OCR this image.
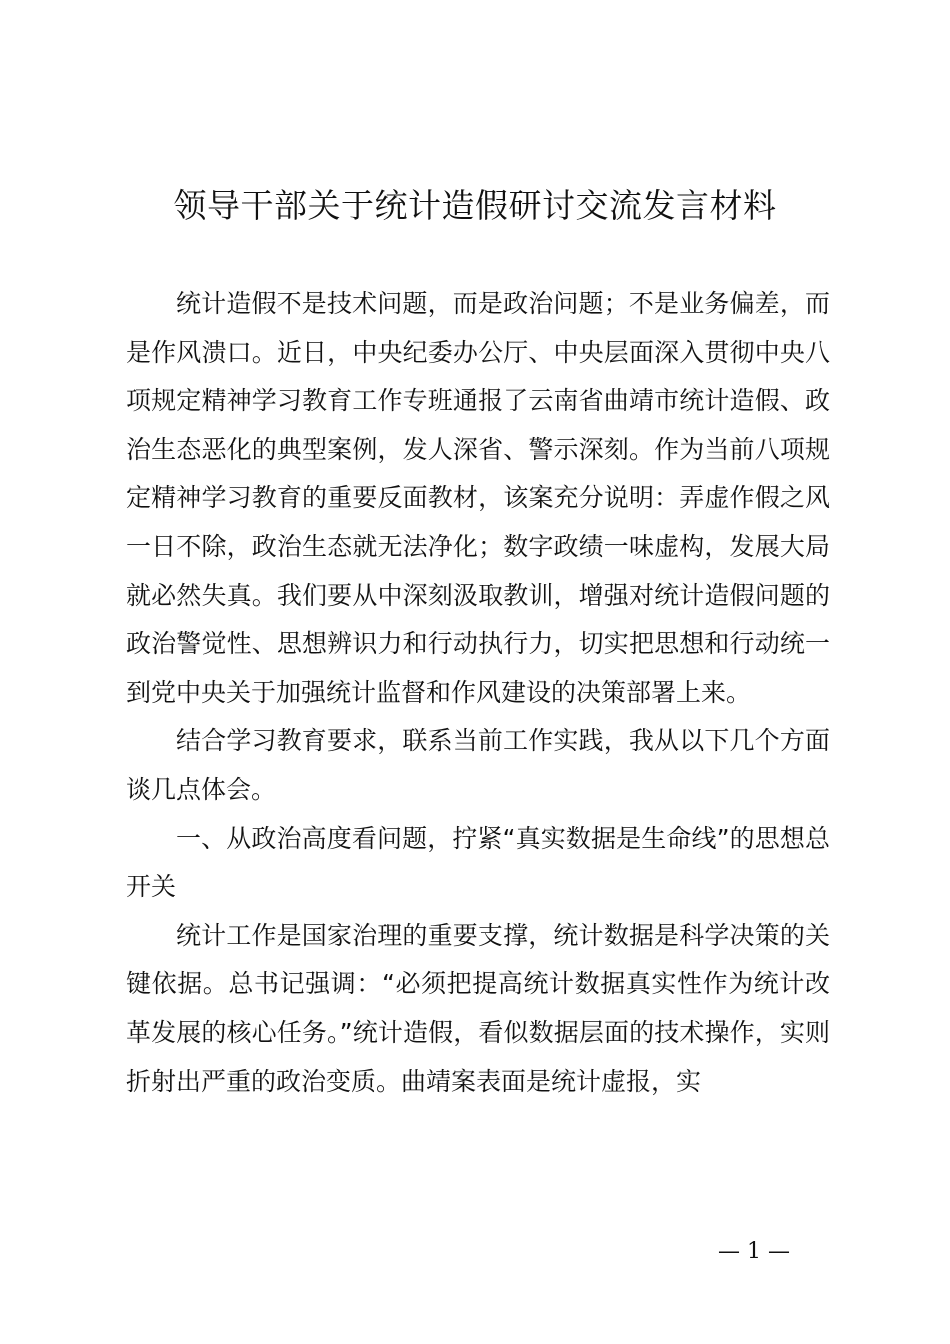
领导干部关于统计造假研讨交流发言材料

统计造假不是技术问题，而是政治问题；不是业务偏差，而是作风溃口。近日，中央纪委办公厅、中央层面深入贯彻中央八项规定精神学习教育工作专班通报了云南省曲靖市统计造假、政治生态恶化的典型案例，发人深省、警示深刻。作为当前八项规定精神学习教育的重要反面教材，该案充分说明：弄虚作假之风一日不除，政治生态就无法净化；数字政绩一味虚构，发展大局就必然失真。我们要从中深刻汲取教训，增强对统计造假问题的政治警觉性、思想辨识力和行动执行力，切实把思想和行动统一到党中央关于加强统计监督和作风建设的决策部署上来。

结合学习教育要求，联系当前工作实践，我从以下几个方面谈几点体会。

一、从政治高度看问题，拧紧“真实数据是生命线”的思想总开关

统计工作是国家治理的重要支撑，统计数据是科学决策的关键依据。总书记强调：“必须把提高统计数据真实性作为统计改革发展的核心任务。”统计造假，看似数据层面的技术操作，实则折射出严重的政治变质。曲靖案表面是统计虚报，实

— 1 —
